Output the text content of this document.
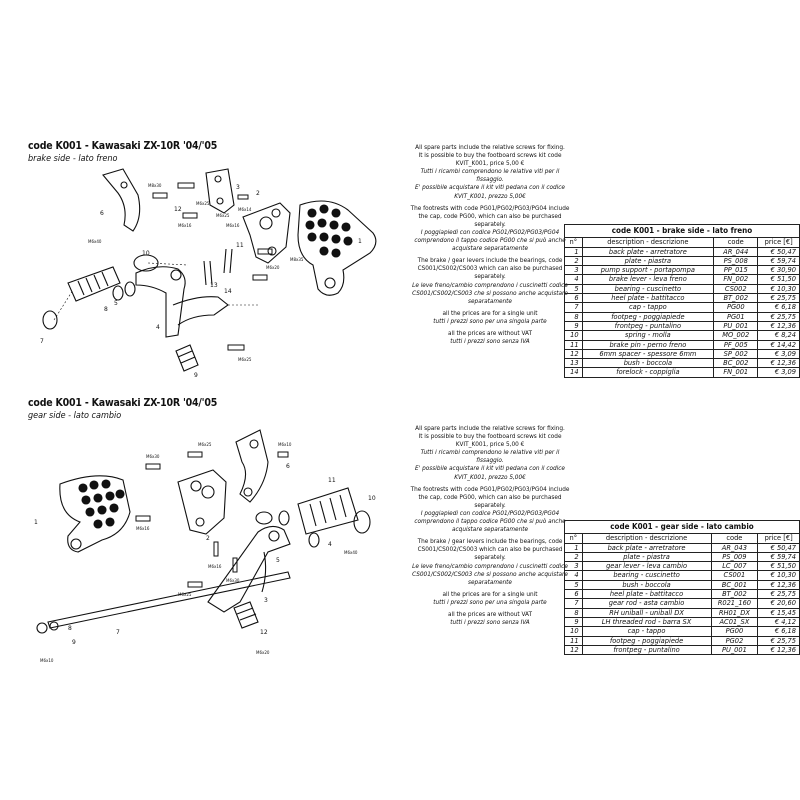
code K001 - Kawasaki ZX-10R '04/'05
brake side - lato freno
1
2
3
4
5
6
7
8
9
10
11
12
13
14
M8x30
M6x25
M6x16
M6x25
M6x16
M6x14
M6x20
M8x35
M6x25
M6x40
code K001 - Kawasaki ZX-10R '04/'05
gear side - lato cambio
1
2
3
4
5
6
7
8
9
10
11
12
M6x30
M6x25
M6x16
M6x16
M6x30
M6x25
M6x10
M6x20
M6x40
M6x10

All spare parts include the relative screws for fixing.
It is possible to buy the footboard screws kit code KVIT_K001, price 5,00 €
Tutti i ricambi comprendono le relative viti per il fissaggio.
E' possibile acquistare il kit viti pedana con il codice KVIT_K001, prezzo 5,00€

The footrests with code PG01/PG02/PG03/PG04 include the cap, code PG00, which can also be purchased separately.
I poggiapiedi con codice PG01/PG02/PG03/PG04 comprendono il tappo codice PG00 che si può anche acquistare separatamente

The brake / gear levers include the bearings, code CS001/CS002/CS003 which can also be purchased separately.
Le leve freno/cambio comprendono i cuscinetti codice CS001/CS002/CS003 che si possono anche acquistare separatamente

all the prices are for a single unit
tutti i prezzi sono per una singola parte

all the prices are without VAT
tutti i prezzi sono senza IVA

All spare parts include the relative screws for fixing.
It is possible to buy the footboard screws kit code KVIT_K001, price 5,00 €
Tutti i ricambi comprendono le relative viti per il fissaggio.
E' possibile acquistare il kit viti pedana con il codice KVIT_K001, prezzo 5,00€

The footrests with code PG01/PG02/PG03/PG04 include the cap, code PG00, which can also be purchased separately.
I poggiapiedi con codice PG01/PG02/PG03/PG04 comprendono il tappo codice PG00 che si può anche acquistare separatamente

The brake / gear levers include the bearings, code CS001/CS002/CS003 which can also be purchased separately.
Le leve freno/cambio comprendono i cuscinetti codice CS001/CS002/CS003 che si possono anche acquistare separatamente

all the prices are for a single unit
tutti i prezzi sono per una singola parte

all the prices are without VAT
tutti i prezzi sono senza IVA

code K001 - brake side - lato freno			
n°	description - descrizione	code	price [€]
1	back plate - arretratore	AR_044	€ 50,47
2	plate - piastra	PS_008	€ 59,74
3	pump support - portapompa	PP_015	€ 30,90
4	brake lever - leva freno	FN_002	€ 51,50
5	bearing - cuscinetto	CS002	€ 10,30
6	heel plate - battitacco	BT_002	€ 25,75
7	cap - tappo	PG00	€ 6,18
8	footpeg - poggiapiede	PG01	€ 25,75
9	frontpeg - puntalino	PU_001	€ 12,36
10	spring - molla	MO_002	€ 8,24
11	brake pin - perno freno	PF_005	€ 14,42
12	6mm spacer - spessore 6mm	SP_002	€ 3,09
13	bush - boccola	BC_002	€ 12,36
14	forelock - coppiglia	FN_001	€ 3,09
code K001 - gear side - lato cambio			
n°	description - descrizione	code	price [€]
1	back plate - arretratore	AR_043	€ 50,47
2	plate - piastra	PS_009	€ 59,74
3	gear lever - leva cambio	LC_007	€ 51,50
4	bearing - cuscinetto	CS001	€ 10,30
5	bush - boccola	BC_001	€ 12,36
6	heel plate - battitacco	BT_002	€ 25,75
7	gear rod - asta cambio	R021_160	€ 20,60
8	RH uniball - uniball DX	RH01_DX	€ 15,45
9	LH threaded rod - barra SX	AC01_SX	€ 4,12
10	cap - tappo	PG00	€ 6,18
11	footpeg - poggiapiede	PG02	€ 25,75
12	frontpeg - puntalino	PU_001	€ 12,36
